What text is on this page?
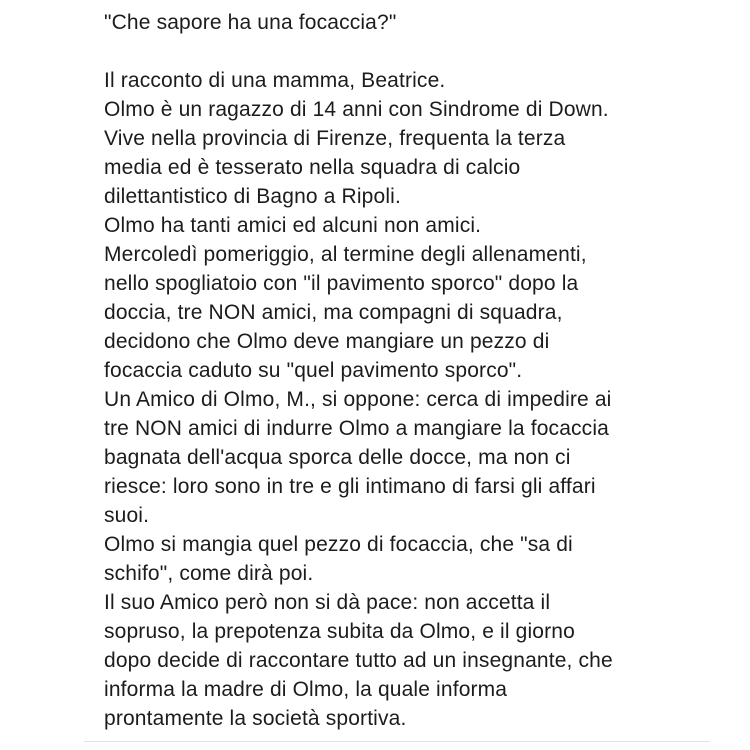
"Che sapore ha una focaccia?"
Il racconto di una mamma, Beatrice.
Olmo è un ragazzo di 14 anni con Sindrome di Down.
Vive nella provincia di Firenze, frequenta la terza
media ed è tesserato nella squadra di calcio
dilettantistico di Bagno a Ripoli.
Olmo ha tanti amici ed alcuni non amici.
Mercoledì pomeriggio, al termine degli allenamenti,
nello spogliatoio con "il pavimento sporco" dopo la
doccia, tre NON amici, ma compagni di squadra,
decidono che Olmo deve mangiare un pezzo di
focaccia caduto su "quel pavimento sporco".
Un Amico di Olmo, M., si oppone: cerca di impedire ai
tre NON amici di indurre Olmo a mangiare la focaccia
bagnata dell'acqua sporca delle docce, ma non ci
riesce: loro sono in tre e gli intimano di farsi gli affari
suoi.
Olmo si mangia quel pezzo di focaccia, che "sa di
schifo", come dirà poi.
Il suo Amico però non si dà pace: non accetta il
sopruso, la prepotenza subita da Olmo, e il giorno
dopo decide di raccontare tutto ad un insegnante, che
informa la madre di Olmo, la quale informa
prontamente la società sportiva.
